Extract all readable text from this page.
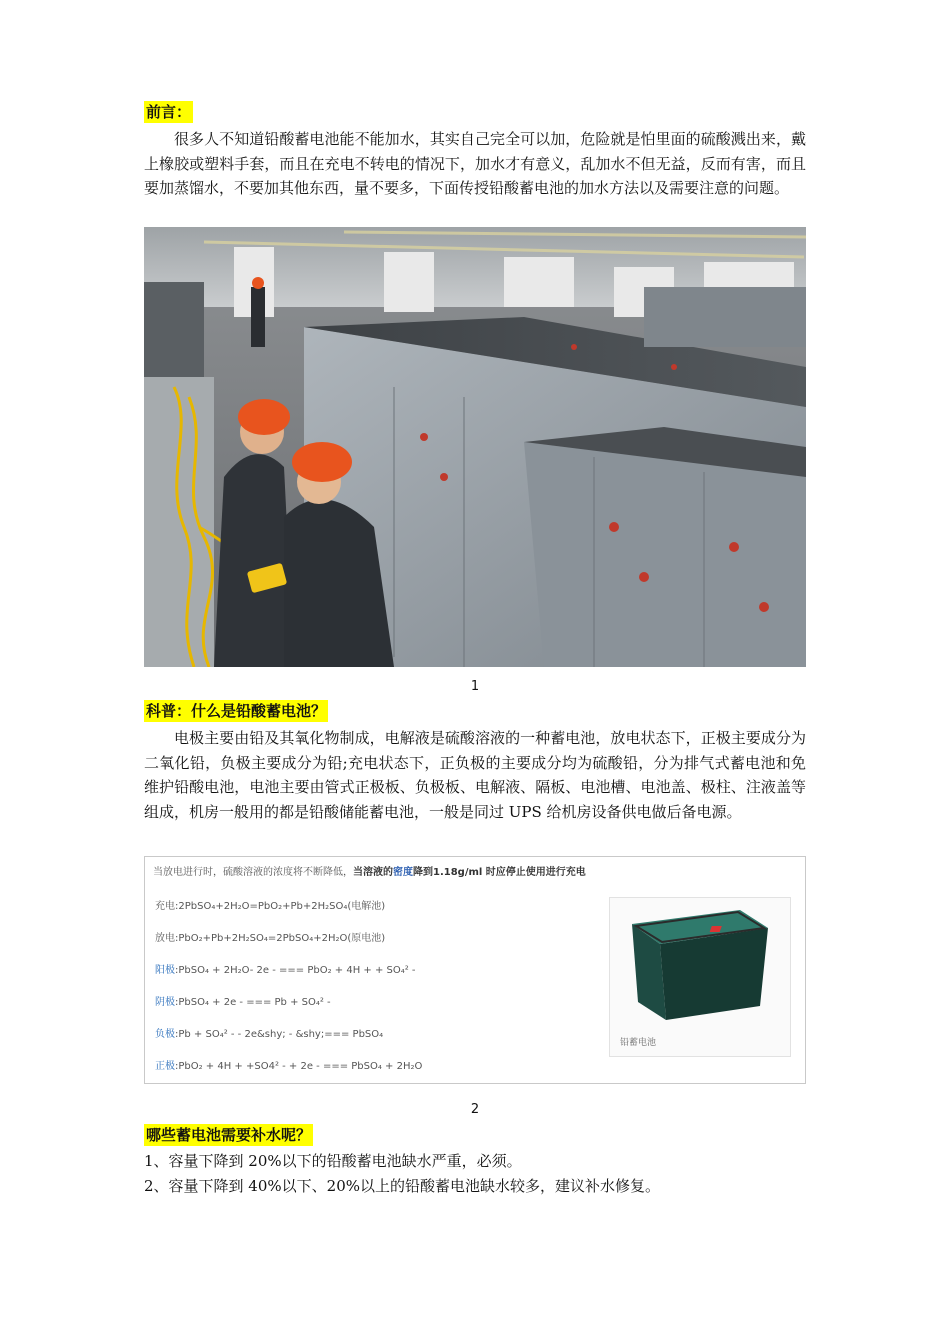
前言：

很多人不知道铅酸蓄电池能不能加水，其实自己完全可以加，危险就是怕里面的硫酸溅出来，戴上橡胶或塑料手套，而且在充电不转电的情况下，加水才有意义，乱加水不但无益，反而有害，而且要加蒸馏水，不要加其他东西，量不要多，下面传授铅酸蓄电池的加水方法以及需要注意的问题。

1
科普：什么是铅酸蓄电池？

电极主要由铅及其氧化物制成，电解液是硫酸溶液的一种蓄电池，放电状态下，正极主要成分为二氧化铅，负极主要成分为铅;充电状态下，正负极的主要成分均为硫酸铅，分为排气式蓄电池和免维护铅酸电池，电池主要由管式正极板、负极板、电解液、隔板、电池槽、电池盖、极柱、注液盖等组成，机房一般用的都是铅酸储能蓄电池，一般是同过 UPS 给机房设备供电做后备电源。

当放电进行时，硫酸溶液的浓度将不断降低，当溶液的密度降到1.18g/ml 时应停止使用进行充电
充电:2PbSO₄+2H₂O=PbO₂+Pb+2H₂SO₄(电解池)
放电:PbO₂+Pb+2H₂SO₄=2PbSO₄+2H₂O(原电池)
阳极:PbSO₄ + 2H₂O- 2e - === PbO₂ + 4H + + SO₄² -
阴极:PbSO₄ + 2e - === Pb + SO₄² -
负极:Pb + SO₄² - - 2e&shy; - &shy;=== PbSO₄
正极:PbO₂ + 4H + +SO4² - + 2e - === PbSO₄ + 2H₂O
铅蓄电池
2
哪些蓄电池需要补水呢？

1、容量下降到 20%以下的铅酸蓄电池缺水严重，必须。

2、容量下降到 40%以下、20%以上的铅酸蓄电池缺水较多，建议补水修复。
